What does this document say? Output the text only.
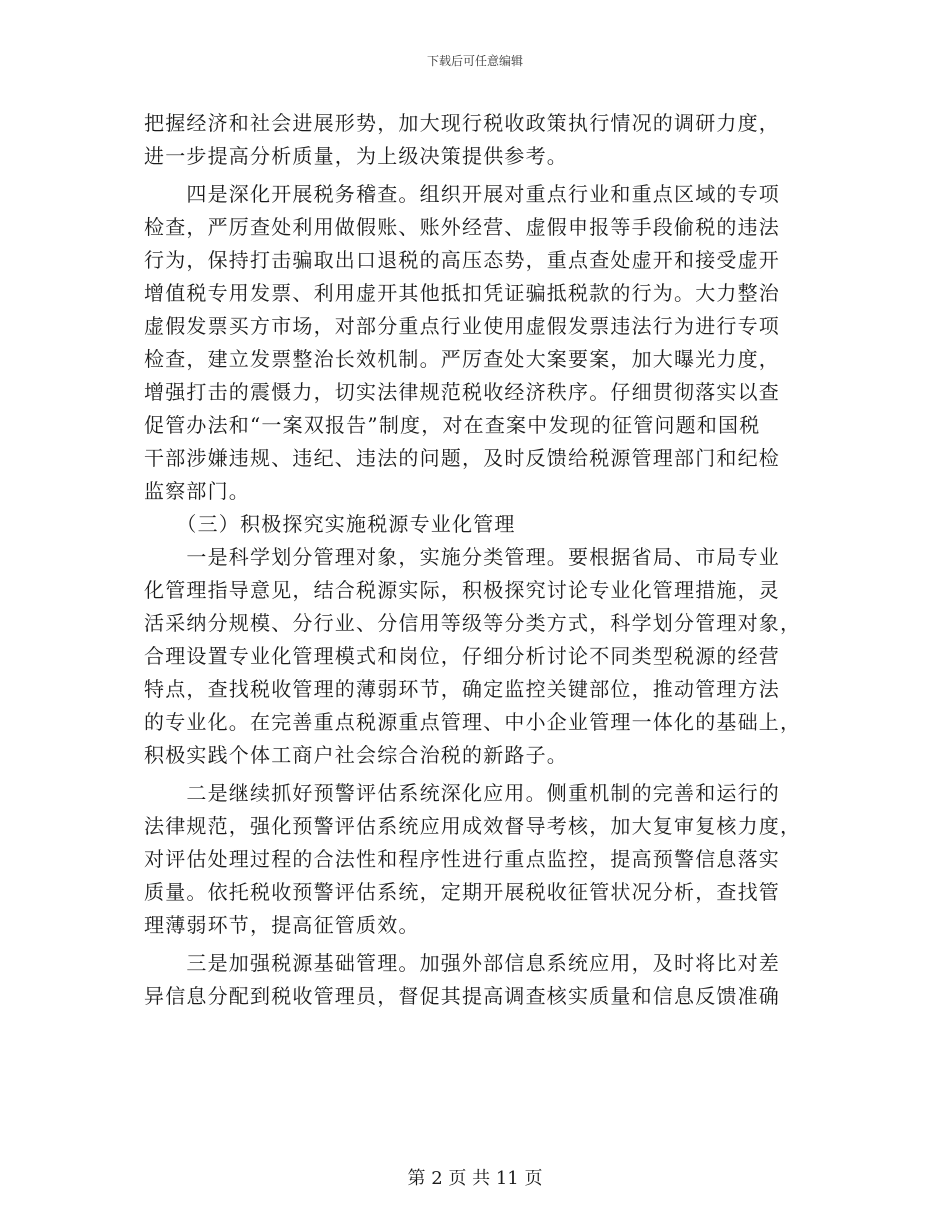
下载后可任意编辑
把握经济和社会进展形势，加大现行税收政策执行情况的调研力度，
进一步提高分析质量，为上级决策提供参考。
　　四是深化开展税务稽查。组织开展对重点行业和重点区域的专项
检查，严厉查处利用做假账、账外经营、虚假申报等手段偷税的违法
行为，保持打击骗取出口退税的高压态势，重点查处虚开和接受虚开
增值税专用发票、利用虚开其他抵扣凭证骗抵税款的行为。大力整治
虚假发票买方市场，对部分重点行业使用虚假发票违法行为进行专项
检查，建立发票整治长效机制。严厉查处大案要案，加大曝光力度，
增强打击的震慑力，切实法律规范税收经济秩序。仔细贯彻落实以查
促管办法和“一案双报告”制度，对在查案中发现的征管问题和国税
干部涉嫌违规、违纪、违法的问题，及时反馈给税源管理部门和纪检
监察部门。
　　（三）积极探究实施税源专业化管理
　　一是科学划分管理对象，实施分类管理。要根据省局、市局专业
化管理指导意见，结合税源实际，积极探究讨论专业化管理措施，灵
活采纳分规模、分行业、分信用等级等分类方式，科学划分管理对象，
合理设置专业化管理模式和岗位，仔细分析讨论不同类型税源的经营
特点，查找税收管理的薄弱环节，确定监控关键部位，推动管理方法
的专业化。在完善重点税源重点管理、中小企业管理一体化的基础上，
积极实践个体工商户社会综合治税的新路子。
　　二是继续抓好预警评估系统深化应用。侧重机制的完善和运行的
法律规范，强化预警评估系统应用成效督导考核，加大复审复核力度，
对评估处理过程的合法性和程序性进行重点监控，提高预警信息落实
质量。依托税收预警评估系统，定期开展税收征管状况分析，查找管
理薄弱环节，提高征管质效。
　　三是加强税源基础管理。加强外部信息系统应用，及时将比对差
异信息分配到税收管理员，督促其提高调查核实质量和信息反馈准确
第 2 页 共 11 页
